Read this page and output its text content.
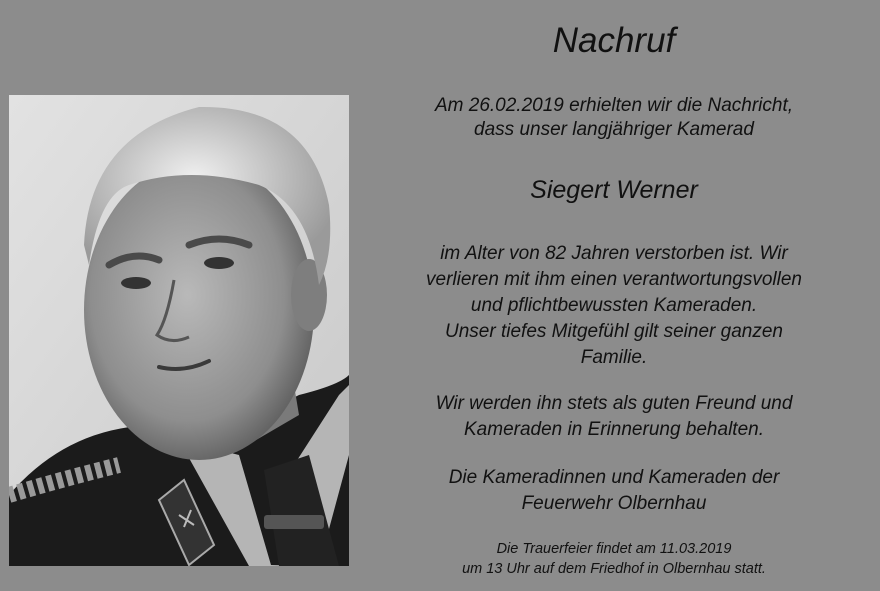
Nachruf
Am 26.02.2019 erhielten wir die Nachricht,
dass unser langjähriger Kamerad
Siegert Werner
im Alter von 82 Jahren verstorben ist. Wir
verlieren mit ihm einen verantwortungsvollen
und pflichtbewussten Kameraden.
Unser tiefes Mitgefühl gilt seiner ganzen
Familie.
Wir werden ihn stets als guten Freund und
Kameraden in Erinnerung behalten.
Die Kameradinnen und Kameraden der
Feuerwehr Olbernhau
Die Trauerfeier findet am 11.03.2019
um 13 Uhr auf dem Friedhof in Olbernhau statt.
